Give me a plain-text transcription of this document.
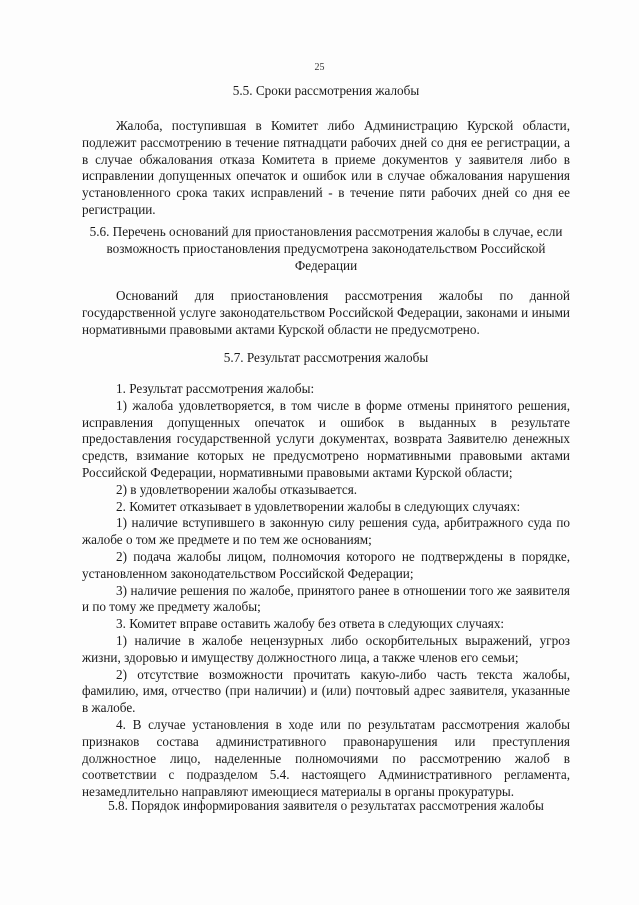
25
5.5. Сроки рассмотрения жалобы

Жалоба, поступившая в Комитет либо Администрацию Курской области, подлежит рассмотрению в течение пятнадцати рабочих дней со дня ее регистрации, а в случае обжалования отказа Комитета в приеме документов у заявителя либо в исправлении допущенных опечаток и ошибок или в случае обжалования нарушения установленного срока таких исправлений - в течение пяти рабочих дней со дня ее регистрации.

5.6. Перечень оснований для приостановления рассмотрения жалобы в случае, если возможность приостановления предусмотрена законодательством Российской Федерации

Оснований для приостановления рассмотрения жалобы по данной государственной услуге законодательством Российской Федерации, законами и иными нормативными правовыми актами Курской области не предусмотрено.

5.7. Результат рассмотрения жалобы

1. Результат рассмотрения жалобы:

1) жалоба удовлетворяется, в том числе в форме отмены принятого решения, исправления допущенных опечаток и ошибок в выданных в результате предоставления государственной услуги документах, возврата Заявителю денежных средств, взимание которых не предусмотрено нормативными правовыми актами Российской Федерации, нормативными правовыми актами Курской области;

2) в удовлетворении жалобы отказывается.

2. Комитет отказывает в удовлетворении жалобы в следующих случаях:

1) наличие вступившего в законную силу решения суда, арбитражного суда по жалобе о том же предмете и по тем же основаниям;

2) подача жалобы лицом, полномочия которого не подтверждены в порядке, установленном законодательством Российской Федерации;

3) наличие решения по жалобе, принятого ранее в отношении того же заявителя и по тому же предмету жалобы;

3. Комитет вправе оставить жалобу без ответа в следующих случаях:

1) наличие в жалобе нецензурных либо оскорбительных выражений, угроз жизни, здоровью и имуществу должностного лица, а также членов его семьи;

2) отсутствие возможности прочитать какую-либо часть текста жалобы, фамилию, имя, отчество (при наличии) и (или) почтовый адрес заявителя, указанные в жалобе.

4. В случае установления в ходе или по результатам рассмотрения жалобы признаков состава административного правонарушения или преступления должностное лицо, наделенные полномочиями по рассмотрению жалоб в соответствии с подразделом 5.4. настоящего Административного регламента, незамедлительно направляют имеющиеся материалы в органы прокуратуры.

5.8. Порядок информирования заявителя о результатах рассмотрения жалобы
